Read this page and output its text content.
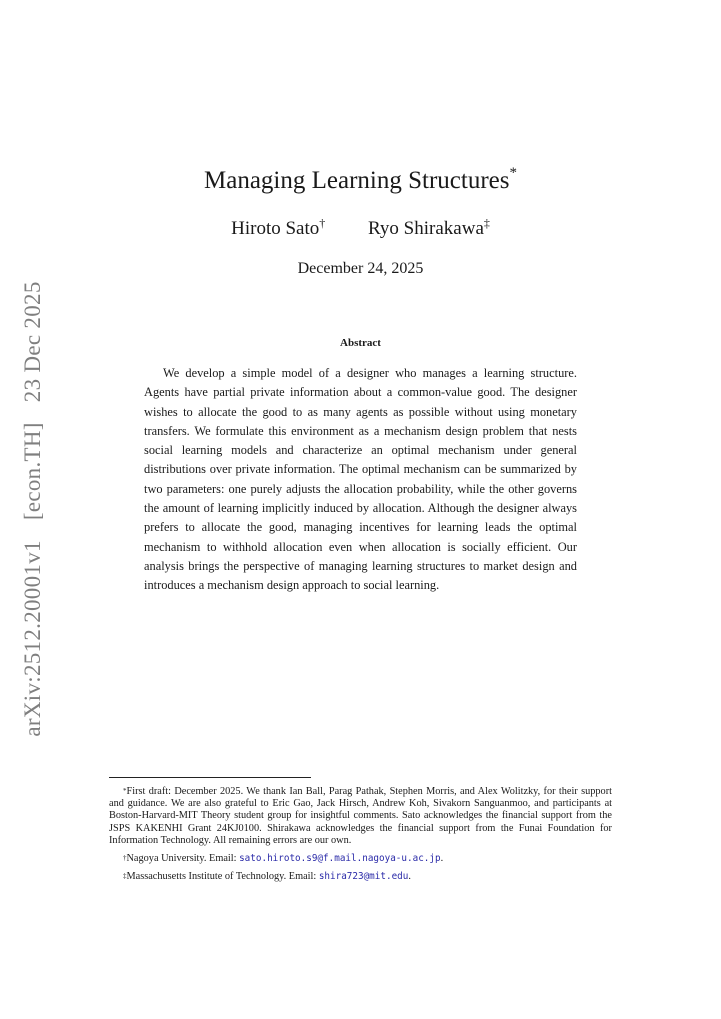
arXiv:2512.20001v1 [econ.TH] 23 Dec 2025
Managing Learning Structures*
Hiroto Sato† Ryo Shirakawa‡
December 24, 2025
Abstract
We develop a simple model of a designer who manages a learning structure. Agents have partial private information about a common-value good. The designer wishes to allocate the good to as many agents as possible without using monetary transfers. We formulate this environment as a mechanism design problem that nests social learning models and characterize an optimal mechanism under general distributions over private information. The optimal mechanism can be summarized by two parameters: one purely adjusts the allocation probability, while the other governs the amount of learning implicitly induced by allocation. Although the designer always prefers to allocate the good, managing incentives for learning leads the optimal mechanism to withhold allocation even when allocation is socially efficient. Our analysis brings the perspective of managing learning structures to market design and introduces a mechanism design approach to social learning.
*First draft: December 2025. We thank Ian Ball, Parag Pathak, Stephen Morris, and Alex Wolitzky, for their support and guidance. We are also grateful to Eric Gao, Jack Hirsch, Andrew Koh, Sivakorn Sanguanmoo, and participants at Boston-Harvard-MIT Theory student group for insightful comments. Sato acknowledges the financial support from the JSPS KAKENHI Grant 24KJ0100. Shirakawa acknowledges the financial support from the Funai Foundation for Information Technology. All remaining errors are our own.
†Nagoya University. Email: sato.hiroto.s9@f.mail.nagoya-u.ac.jp.
‡Massachusetts Institute of Technology. Email: shira723@mit.edu.
